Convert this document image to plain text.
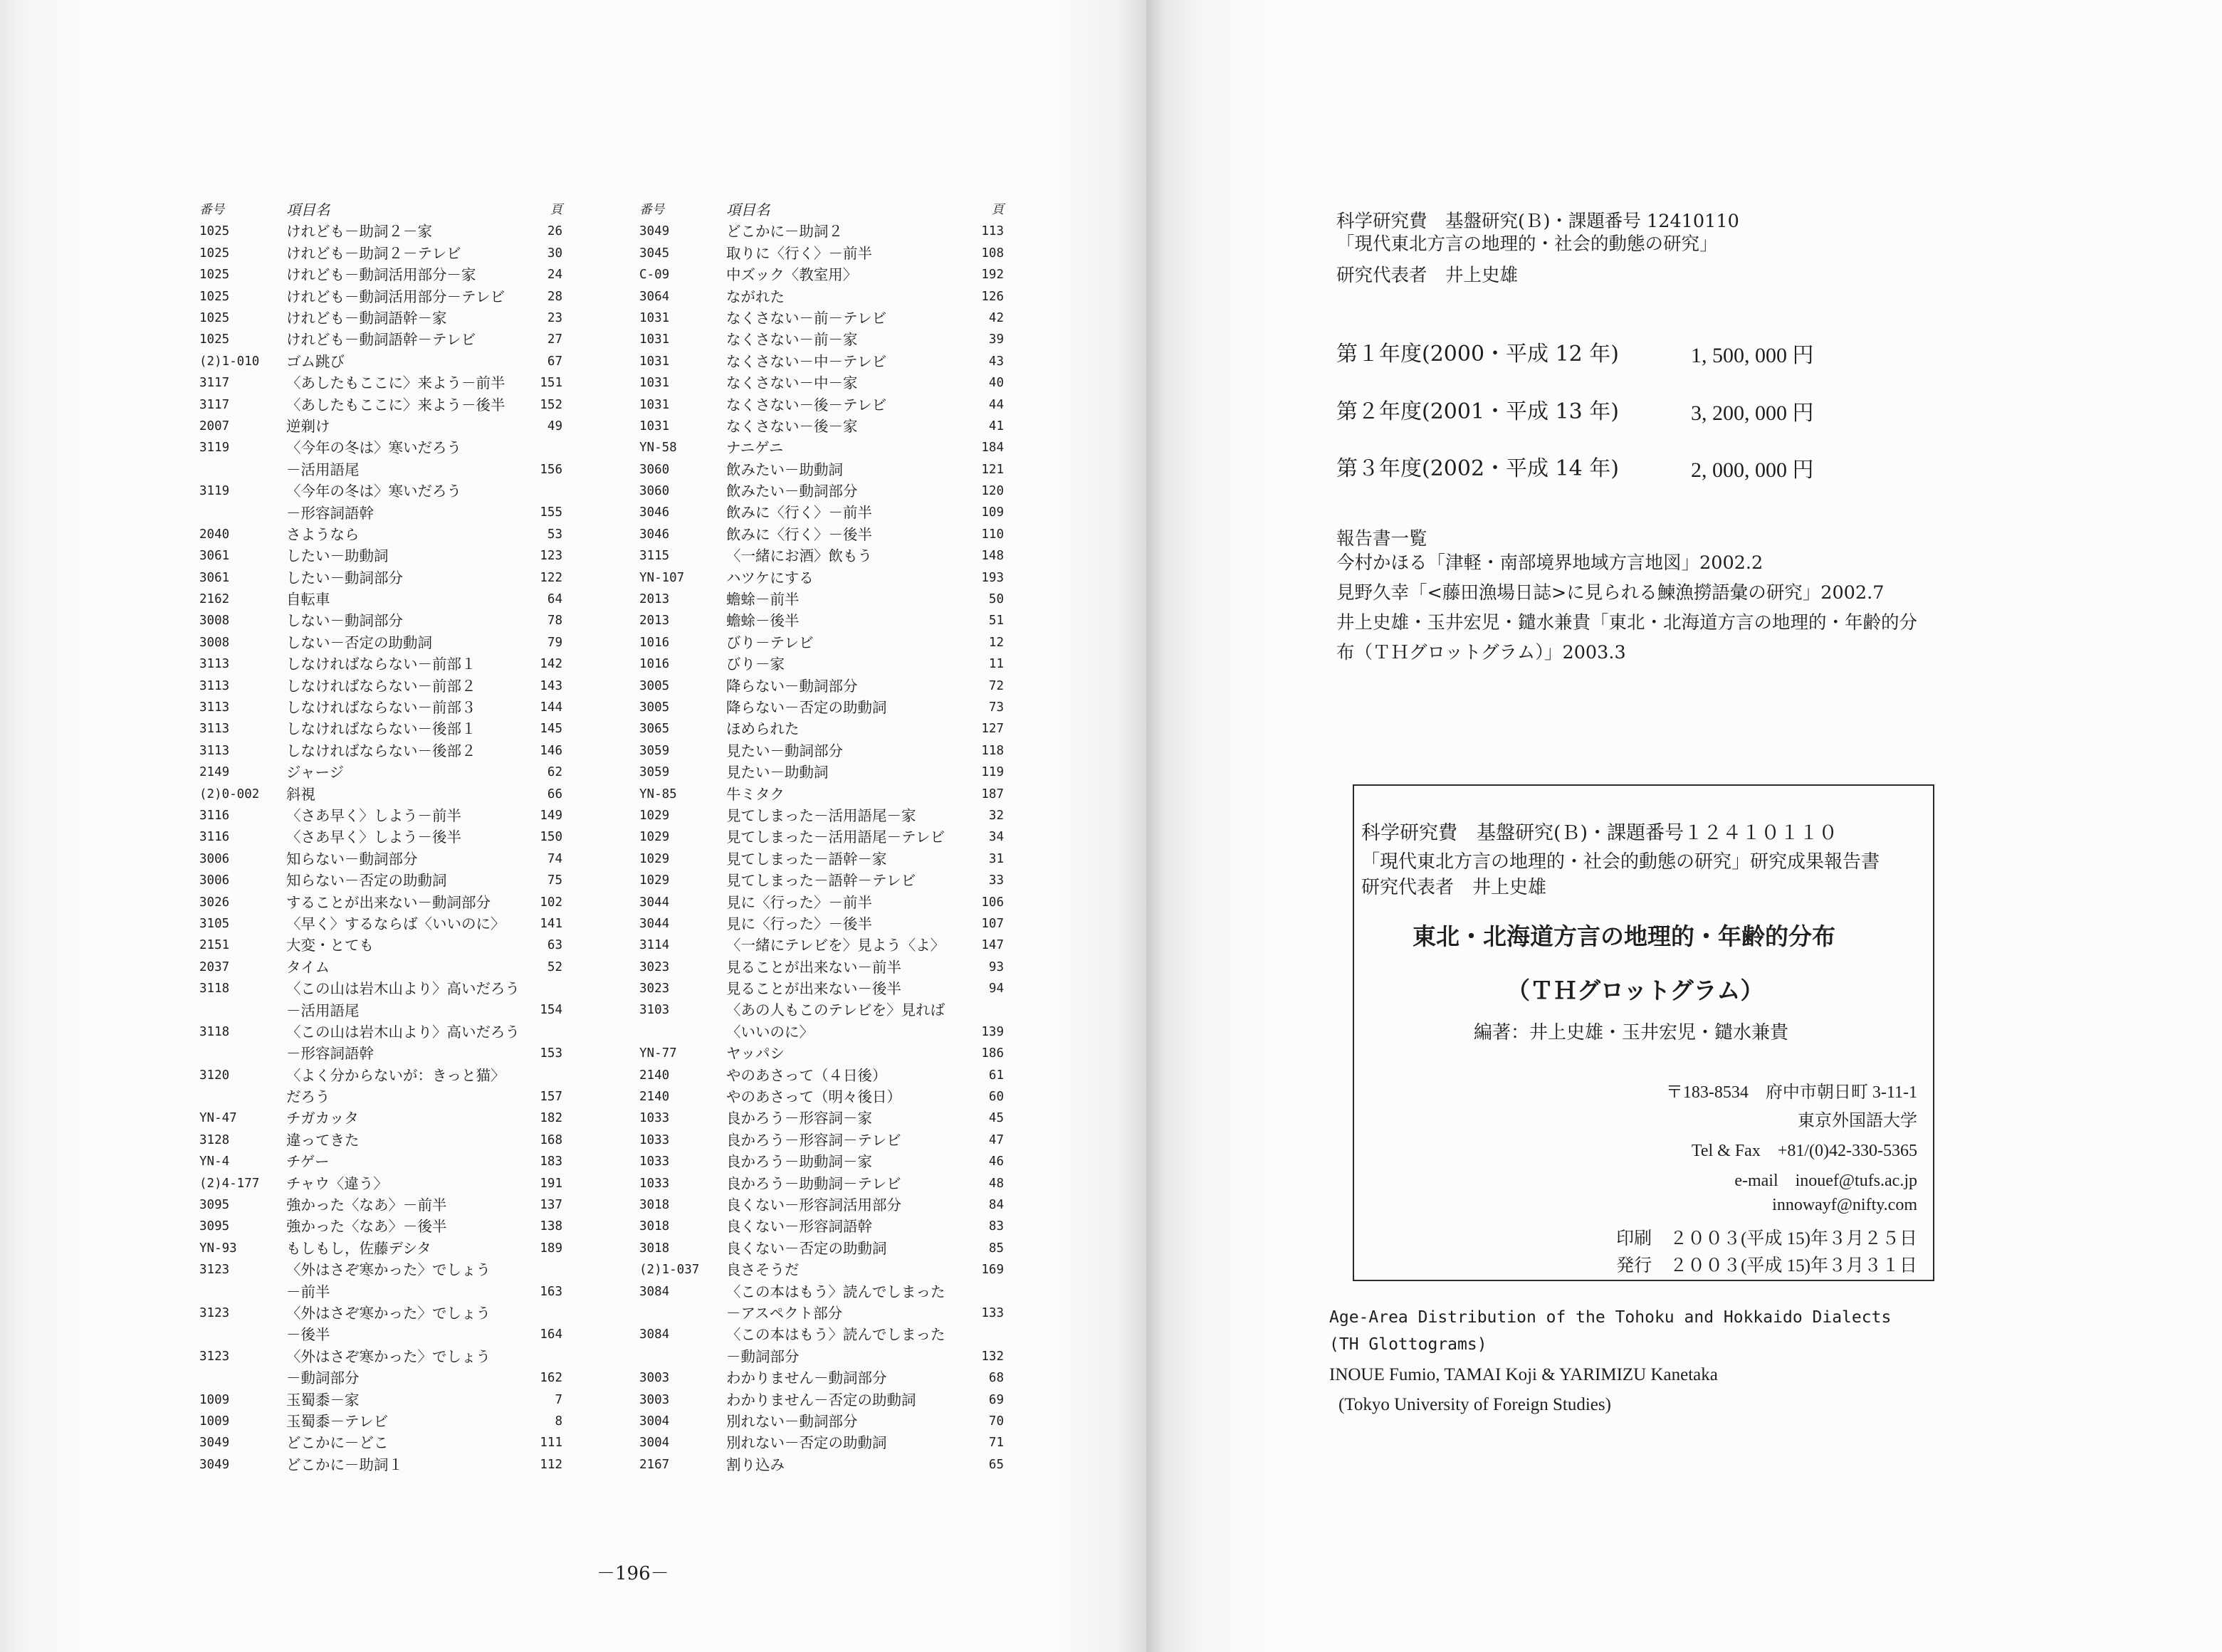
番号	項目名	頁
1025	けれども－助詞２－家	26
1025	けれども－助詞２－テレビ	30
1025	けれども－動詞活用部分－家	24
1025	けれども－動詞活用部分－テレビ	28
1025	けれども－動詞語幹－家	23
1025	けれども－動詞語幹－テレビ	27
(2)1-010 ゴム跳び	67
3117	〈あしたもここに〉来よう－前半	151
3117	〈あしたもここに〉来よう－後半	152
2007	逆剃け	49
3119	〈今年の冬は〉寒いだろう
－活用語尾	156
3119	〈今年の冬は〉寒いだろう
－形容詞語幹	155
2040	さようなら	53
3061	したい－助動詞	123
3061	したい－動詞部分	122
2162	自転車	64
3008	しない－動詞部分	78
3008	しない－否定の助動詞	79
3113	しなければならない－前部１	142
3113	しなければならない－前部２	143
3113	しなければならない－前部３	144
3113	しなければならない－後部１	145
3113	しなければならない－後部２	146
2149	ジャージ	62
(2)0-002 斜視	66
3116	〈さあ早く〉しよう－前半	149
3116	〈さあ早く〉しよう－後半	150
3006	知らない－動詞部分	74
3006	知らない－否定の助動詞	75
3026	することが出来ない－動詞部分	102
3105	〈早く〉するならば〈いいのに〉	141
2151	大変・とても	63
2037	タイム	52
3118	〈この山は岩木山より〉高いだろう
－活用語尾	154
3118	〈この山は岩木山より〉高いだろう
－形容詞語幹	153
3120	〈よく分からないが：きっと猫〉
だろう	157
YN-47	チガカッタ	182
3128	違ってきた	168
YN-4	チゲー	183
(2)4-177 チャウ〈違う〉	191
3095	強かった〈なあ〉－前半	137
3095	強かった〈なあ〉－後半	138
YN-93	もしもし，佐藤デシタ	189
3123	〈外はさぞ寒かった〉でしょう
－前半	163
3123	〈外はさぞ寒かった〉でしょう
－後半	164
3123	〈外はさぞ寒かった〉でしょう
－動詞部分	162
1009	玉蜀黍－家	7
1009	玉蜀黍－テレビ	8
3049	どこかに－どこ	111
3049	どこかに－助詞１	112
番号	項目名	頁
3049	どこかに－助詞２	113
3045	取りに〈行く〉－前半	108
C-09	中ズック〈教室用〉	192
3064	ながれた	126
1031	なくさない－前－テレビ	42
1031	なくさない－前－家	39
1031	なくさない－中－テレビ	43
1031	なくさない－中－家	40
1031	なくさない－後－テレビ	44
1031	なくさない－後－家	41
YN-58	ナニゲニ	184
3060	飲みたい－助動詞	121
3060	飲みたい－動詞部分	120
3046	飲みに〈行く〉－前半	109
3046	飲みに〈行く〉－後半	110
3115	〈一緒にお酒〉飲もう	148
YN-107	ハツケにする	193
2013	蟾蜍－前半	50
2013	蟾蜍－後半	51
1016	びり－テレビ	12
1016	びり－家	11
3005	降らない－動詞部分	72
3005	降らない－否定の助動詞	73
3065	ほめられた	127
3059	見たい－動詞部分	118
3059	見たい－助動詞	119
YN-85	牛ミタク	187
1029	見てしまった－活用語尾－家	32
1029	見てしまった－活用語尾－テレビ	34
1029	見てしまった－語幹－家	31
1029	見てしまった－語幹－テレビ	33
3044	見に〈行った〉－前半	106
3044	見に〈行った〉－後半	107
3114	〈一緒にテレビを〉見よう〈よ〉	147
3023	見ることが出来ない－前半	93
3023	見ることが出来ない－後半	94
3103	〈あの人もこのテレビを〉見れば
〈いいのに〉	139
YN-77	ヤッパシ	186
2140	やのあさって（４日後）	61
2140	やのあさって（明々後日）	60
1033	良かろう－形容詞－家	45
1033	良かろう－形容詞－テレビ	47
1033	良かろう－助動詞－家	46
1033	良かろう－助動詞－テレビ	48
3018	良くない－形容詞活用部分	84
3018	良くない－形容詞語幹	83
3018	良くない－否定の助動詞	85
(2)1-037 良さそうだ	169
3084	〈この本はもう〉読んでしまった
－アスペクト部分	133
3084	〈この本はもう〉読んでしまった
－動詞部分	132
3003	わかりません－動詞部分	68
3003	わかりません－否定の助動詞	69
3004	別れない－動詞部分	70
3004	別れない－否定の助動詞	71
2167	割り込み	65
－196－
科学研究費　基盤研究(Ｂ)・課題番号 12410110
「現代東北方言の地理的・社会的動態の研究」
研究代表者　井上史雄
第１年度(2000・平成 12 年)	1, 500, 000 円
第２年度(2001・平成 13 年)	3, 200, 000 円
第３年度(2002・平成 14 年)	2, 000, 000 円
報告書一覧
今村かほる「津軽・南部境界地域方言地図」2002.2
見野久幸「<藤田漁場日誌>に見られる鰊漁撈語彙の研究」2002.7
井上史雄・玉井宏児・鑓水兼貴「東北・北海道方言の地理的・年齢的分
布（ＴＨグロットグラム）」2003.3
科学研究費　基盤研究(Ｂ)・課題番号１２４１０１１０
「現代東北方言の地理的・社会的動態の研究」研究成果報告書
研究代表者　井上史雄
東北・北海道方言の地理的・年齢的分布
（ＴＨグロットグラム）
編著：井上史雄・玉井宏児・鑓水兼貴
〒183-8534　府中市朝日町 3-11-1
東京外国語大学
Tel & Fax　+81/(0)42-330-5365
e-mail　inouef@tufs.ac.jp
innowayf@nifty.com
印刷　２００３(平成 15)年３月２５日
発行　２００３(平成 15)年３月３１日
Age-Area Distribution of the Tohoku and Hokkaido Dialects
(TH Glottograms)
INOUE Fumio, TAMAI Koji & YARIMIZU Kanetaka
(Tokyo University of Foreign Studies)
